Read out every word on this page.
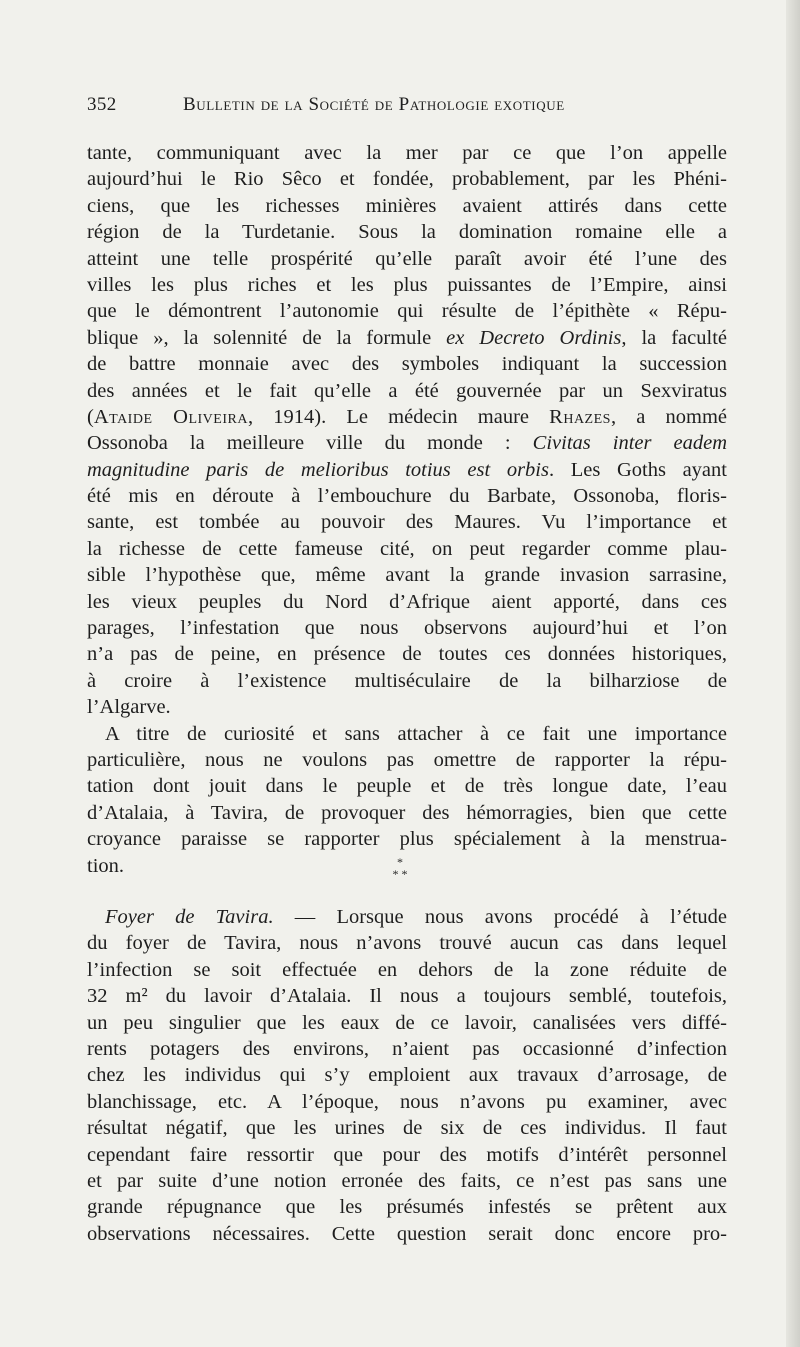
352	Bulletin de la Société de Pathologie exotique
tante, communiquant avec la mer par ce que l’on appelle
aujourd’hui le Rio Sêco et fondée, probablement, par les Phéni-
ciens, que les richesses minières avaient attirés dans cette
région de la Turdetanie. Sous la domination romaine elle a
atteint une telle prospérité qu’elle paraît avoir été l’une des
villes les plus riches et les plus puissantes de l’Empire, ainsi
que le démontrent l’autonomie qui résulte de l’épithète « Répu-
blique », la solennité de la formule ex Decreto Ordinis, la faculté
de battre monnaie avec des symboles indiquant la succession
des années et le fait qu’elle a été gouvernée par un Sexviratus
(Ataide Oliveira, 1914). Le médecin maure Rhazes, a nommé
Ossonoba la meilleure ville du monde : Civitas inter eadem
magnitudine paris de melioribus totius est orbis. Les Goths ayant
été mis en déroute à l’embouchure du Barbate, Ossonoba, floris-
sante, est tombée au pouvoir des Maures. Vu l’importance et
la richesse de cette fameuse cité, on peut regarder comme plau-
sible l’hypothèse que, même avant la grande invasion sarrasine,
les vieux peuples du Nord d’Afrique aient apporté, dans ces
parages, l’infestation que nous observons aujourd’hui et l’on
n’a pas de peine, en présence de toutes ces données historiques,
à croire à l’existence multiséculaire de la bilharziose de
l’Algarve.
A titre de curiosité et sans attacher à ce fait une importance
particulière, nous ne voulons pas omettre de rapporter la répu-
tation dont jouit dans le peuple et de très longue date, l’eau
d’Atalaia, à Tavira, de provoquer des hémorragies, bien que cette
croyance paraisse se rapporter plus spécialement à la menstrua-
tion.	*
* *
Foyer de Tavira. — Lorsque nous avons procédé à l’étude
du foyer de Tavira, nous n’avons trouvé aucun cas dans lequel
l’infection se soit effectuée en dehors de la zone réduite de
32 m² du lavoir d’Atalaia. Il nous a toujours semblé, toutefois,
un peu singulier que les eaux de ce lavoir, canalisées vers diffé-
rents potagers des environs, n’aient pas occasionné d’infection
chez les individus qui s’y emploient aux travaux d’arrosage, de
blanchissage, etc. A l’époque, nous n’avons pu examiner, avec
résultat négatif, que les urines de six de ces individus. Il faut
cependant faire ressortir que pour des motifs d’intérêt personnel
et par suite d’une notion erronée des faits, ce n’est pas sans une
grande répugnance que les présumés infestés se prêtent aux
observations nécessaires. Cette question serait donc encore pro-
